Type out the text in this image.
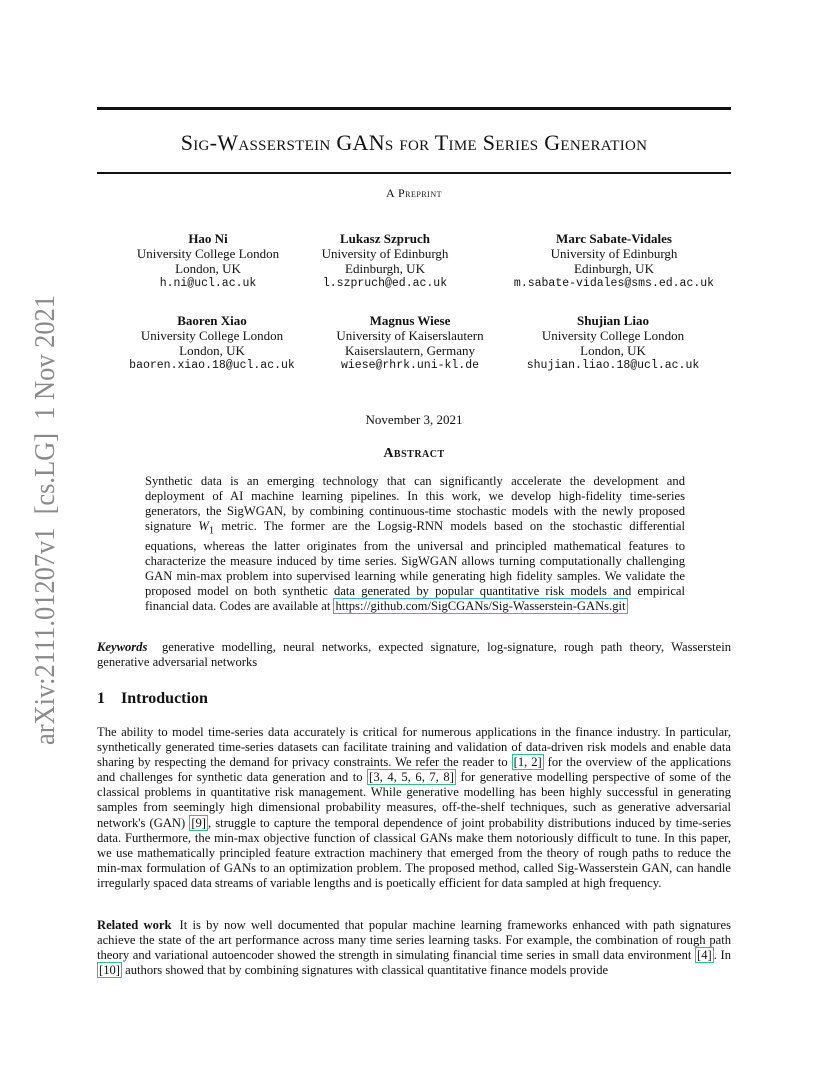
arXiv:2111.01207v1  [cs.LG]  1 Nov 2021
Sig-Wasserstein GANs for Time Series Generation
A Preprint
Hao Ni
University College London
London, UK
h.ni@ucl.ac.uk
Lukasz Szpruch
University of Edinburgh
Edinburgh, UK
l.szpruch@ed.ac.uk
Marc Sabate-Vidales
University of Edinburgh
Edinburgh, UK
m.sabate-vidales@sms.ed.ac.uk
Baoren Xiao
University College London
London, UK
baoren.xiao.18@ucl.ac.uk
Magnus Wiese
University of Kaiserslautern
Kaiserslautern, Germany
wiese@rhrk.uni-kl.de
Shujian Liao
University College London
London, UK
shujian.liao.18@ucl.ac.uk
November 3, 2021
Abstract
Synthetic data is an emerging technology that can significantly accelerate the development and deployment of AI machine learning pipelines. In this work, we develop high-fidelity time-series generators, the SigWGAN, by combining continuous-time stochastic models with the newly proposed signature $W_1$ metric. The former are the Logsig-RNN models based on the stochastic differential equations, whereas the latter originates from the universal and principled mathematical features to characterize the measure induced by time series. SigWGAN allows turning computationally challenging GAN min-max problem into supervised learning while generating high fidelity samples. We validate the proposed model on both synthetic data generated by popular quantitative risk models and empirical financial data. Codes are available at https://github.com/SigCGANs/Sig-Wasserstein-GANs.git
Keywords generative modelling, neural networks, expected signature, log-signature, rough path theory, Wasserstein generative adversarial networks
1 Introduction

The ability to model time-series data accurately is critical for numerous applications in the finance industry. In particular, synthetically generated time-series datasets can facilitate training and validation of data-driven risk models and enable data sharing by respecting the demand for privacy constraints. We refer the reader to [1, 2] for the overview of the applications and challenges for synthetic data generation and to [3, 4, 5, 6, 7, 8] for generative modelling perspective of some of the classical problems in quantitative risk management. While generative modelling has been highly successful in generating samples from seemingly high dimensional probability measures, off-the-shelf techniques, such as generative adversarial network's (GAN) [9] , struggle to capture the temporal dependence of joint probability distributions induced by time-series data. Furthermore, the min-max objective function of classical GANs make them notoriously difficult to tune. In this paper, we use mathematically principled feature extraction machinery that emerged from the theory of rough paths to reduce the min-max formulation of GANs to an optimization problem. The proposed method, called Sig-Wasserstein GAN, can handle irregularly spaced data streams of variable lengths and is poetically efficient for data sampled at high frequency.

Related work It is by now well documented that popular machine learning frameworks enhanced with path signatures achieve the state of the art performance across many time series learning tasks. For example, the combination of rough path theory and variational autoencoder showed the strength in simulating financial time series in small data environment [4] . In [10] authors showed that by combining signatures with classical quantitative finance models provide
